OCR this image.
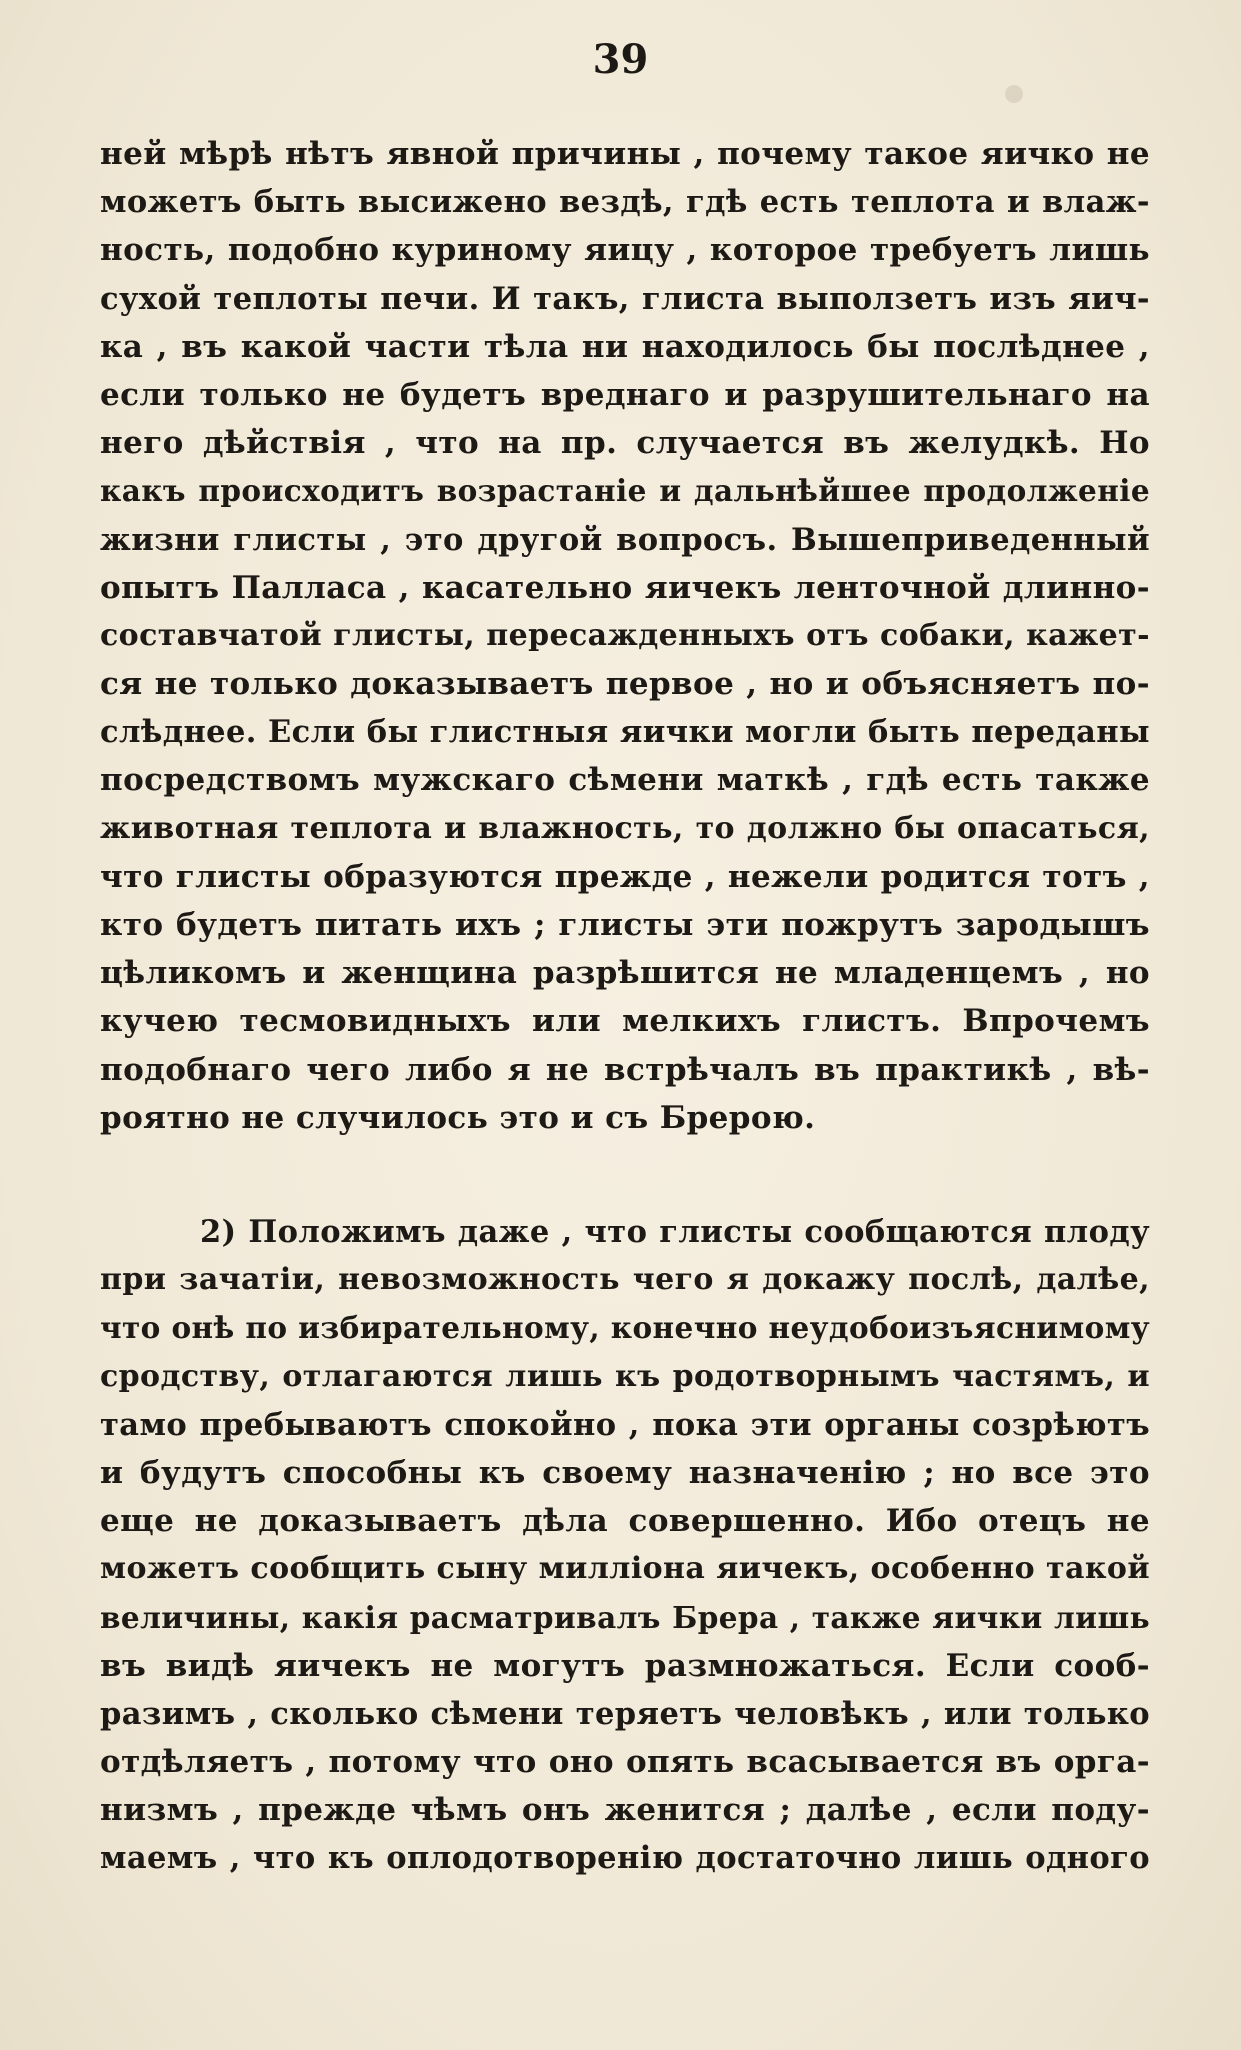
39
ней мѣрѣ нѣтъ явной причины , почему такое яичко не
можетъ быть высижено вездѣ, гдѣ есть теплота и влаж-
ность, подобно куриному яицу , которое требуетъ лишь
сухой теплоты печи. И такъ, глиста выползетъ изъ яич-
ка , въ какой части тѣла ни находилось бы послѣднее ,
если только не будетъ вреднаго и разрушительнаго на
него дѣйствія , что на пр. случается въ желудкѣ. Но
какъ происходитъ возрастаніе и дальнѣйшее продолженіе
жизни глисты , это другой вопросъ. Вышеприведенный
опытъ Палласа , касательно яичекъ ленточной длинно-
составчатой глисты, пересажденныхъ отъ собаки, кажет-
ся не только доказываетъ первое , но и объясняетъ по-
слѣднее. Если бы глистныя яички могли быть переданы
посредствомъ мужскаго сѣмени маткѣ , гдѣ есть также
животная теплота и влажность, то должно бы опасаться,
что глисты образуются прежде , нежели родится тотъ ,
кто будетъ питать ихъ ; глисты эти пожрутъ зародышъ
цѣликомъ и женщина разрѣшится не младенцемъ , но
кучею тесмовидныхъ или мелкихъ глистъ. Впрочемъ
подобнаго чего либо я не встрѣчалъ въ практикѣ , вѣ-
роятно не случилось это и съ Брерою.
2) Положимъ даже , что глисты сообщаются плоду
при зачатіи, невозможность чего я докажу послѣ, далѣе,
что онѣ по избирательному, конечно неудобоизъяснимому
сродству, отлагаются лишь къ родотворнымъ частямъ, и
тамо пребываютъ спокойно , пока эти органы созрѣютъ
и будутъ способны къ своему назначенію ; но все это
еще не доказываетъ дѣла совершенно. Ибо отецъ не
можетъ сообщить сыну милліона яичекъ, особенно такой
величины, какія расматривалъ Брера , также яички лишь
въ видѣ яичекъ не могутъ размножаться. Если сооб-
разимъ , сколько сѣмени теряетъ человѣкъ , или только
отдѣляетъ , потому что оно опять всасывается въ орга-
низмъ , прежде чѣмъ онъ женится ; далѣе , если поду-
маемъ , что къ оплодотворенію достаточно лишь одного
